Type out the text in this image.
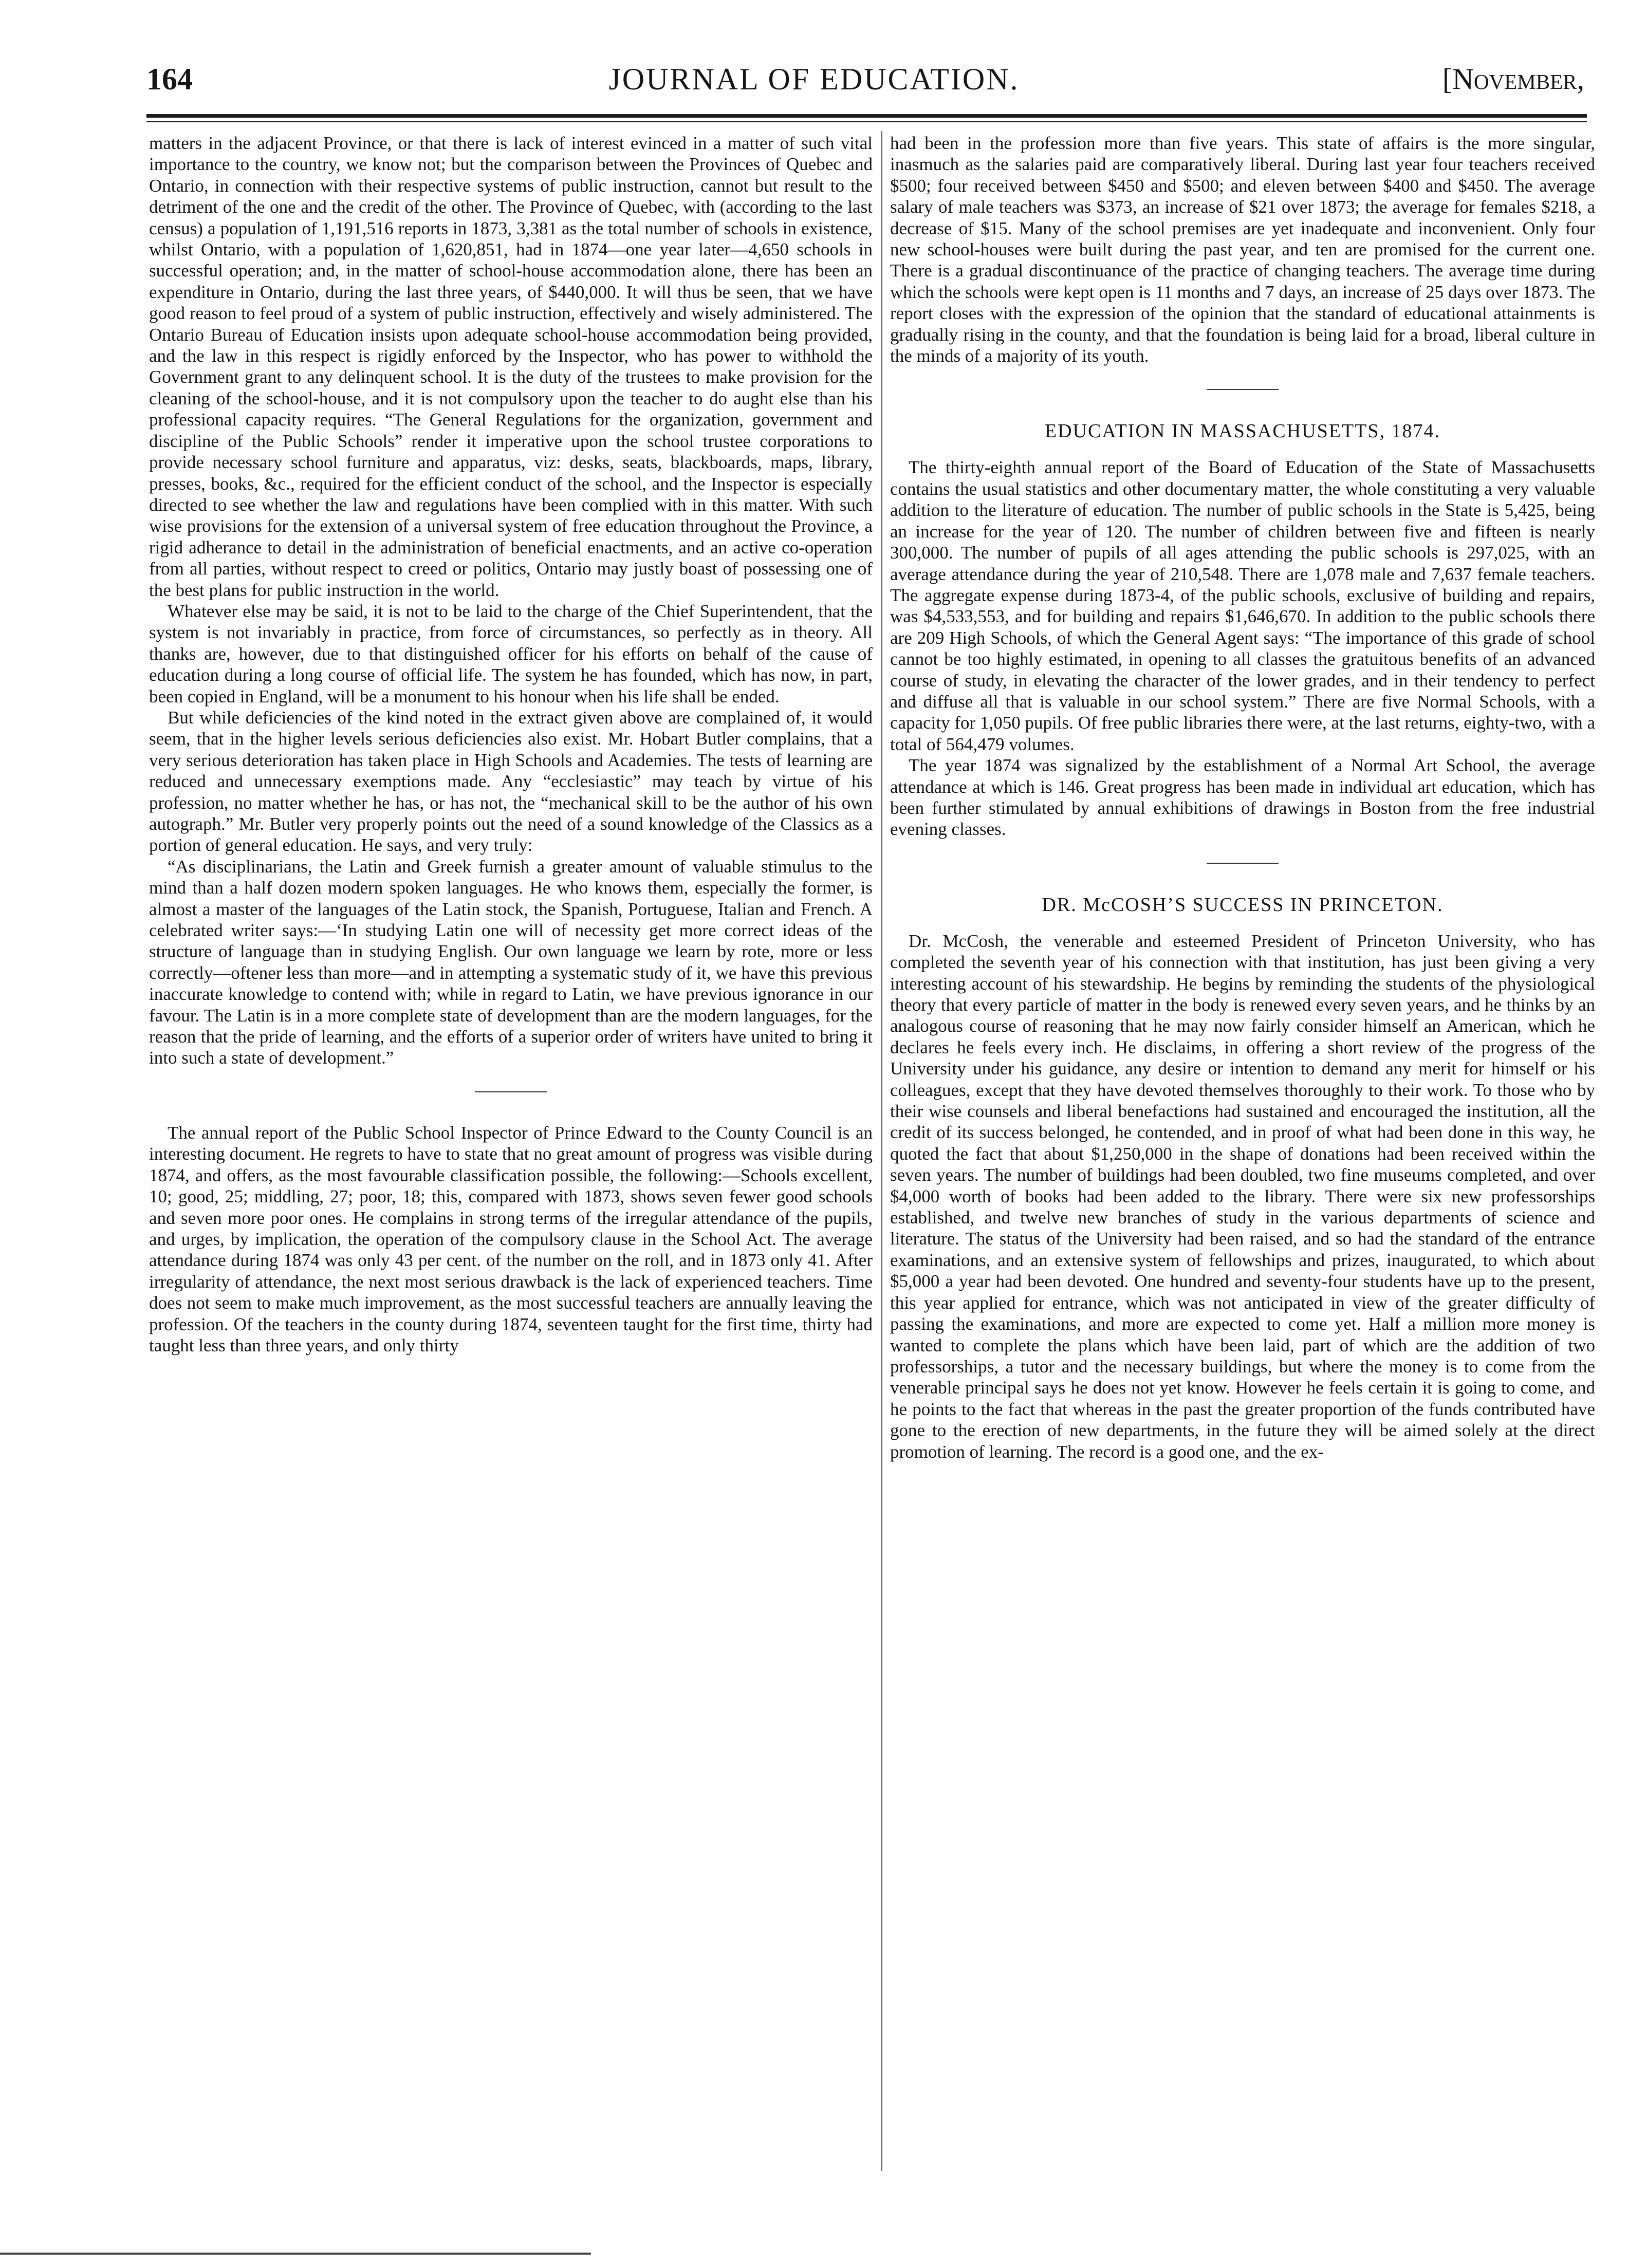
164	JOURNAL OF EDUCATION.	[November,

matters in the adjacent Province, or that there is lack of interest evinced in a matter of such vital importance to the country, we know not; but the comparison between the Provinces of Quebec and Ontario, in connection with their respective systems of public instruction, cannot but result to the detriment of the one and the credit of the other. The Province of Quebec, with (according to the last census) a population of 1,191,516 reports in 1873, 3,381 as the total number of schools in existence, whilst Ontario, with a population of 1,620,851, had in 1874—one year later—4,650 schools in successful operation; and, in the matter of school-house accommodation alone, there has been an expenditure in Ontario, during the last three years, of $440,000. It will thus be seen, that we have good reason to feel proud of a system of public instruction, effectively and wisely administered. The Ontario Bureau of Education insists upon adequate school-house accommodation being provided, and the law in this respect is rigidly enforced by the Inspector, who has power to withhold the Government grant to any delinquent school. It is the duty of the trustees to make provision for the cleaning of the school-house, and it is not compulsory upon the teacher to do aught else than his professional capacity requires. “The General Regulations for the organization, government and discipline of the Public Schools” render it imperative upon the school trustee corporations to provide necessary school furniture and apparatus, viz: desks, seats, blackboards, maps, library, presses, books, &c., required for the efficient conduct of the school, and the Inspector is especially directed to see whether the law and regulations have been complied with in this matter. With such wise provisions for the extension of a universal system of free education throughout the Province, a rigid adherance to detail in the administration of beneficial enactments, and an active co-operation from all parties, without respect to creed or politics, Ontario may justly boast of possessing one of the best plans for public instruction in the world.

Whatever else may be said, it is not to be laid to the charge of the Chief Superintendent, that the system is not invariably in practice, from force of circumstances, so perfectly as in theory. All thanks are, however, due to that distinguished officer for his efforts on behalf of the cause of education during a long course of official life. The system he has founded, which has now, in part, been copied in England, will be a monument to his honour when his life shall be ended.

But while deficiencies of the kind noted in the extract given above are complained of, it would seem, that in the higher levels serious deficiencies also exist. Mr. Hobart Butler complains, that a very serious deterioration has taken place in High Schools and Academies. The tests of learning are reduced and unnecessary exemptions made. Any “ecclesiastic” may teach by virtue of his profession, no matter whether he has, or has not, the “mechanical skill to be the author of his own autograph.” Mr. Butler very properly points out the need of a sound knowledge of the Classics as a portion of general education. He says, and very truly:

“As disciplinarians, the Latin and Greek furnish a greater amount of valuable stimulus to the mind than a half dozen modern spoken languages. He who knows them, especially the former, is almost a master of the languages of the Latin stock, the Spanish, Portuguese, Italian and French. A celebrated writer says:—‘In studying Latin one will of necessity get more correct ideas of the structure of language than in studying English. Our own language we learn by rote, more or less correctly—oftener less than more—and in attempting a systematic study of it, we have this previous inaccurate knowledge to contend with; while in regard to Latin, we have previous ignorance in our favour. The Latin is in a more complete state of development than are the modern languages, for the reason that the pride of learning, and the efforts of a superior order of writers have united to bring it into such a state of development.”

The annual report of the Public School Inspector of Prince Edward to the County Council is an interesting document. He regrets to have to state that no great amount of progress was visible during 1874, and offers, as the most favourable classification possible, the following:—Schools excellent, 10; good, 25; middling, 27; poor, 18; this, compared with 1873, shows seven fewer good schools and seven more poor ones. He complains in strong terms of the irregular attendance of the pupils, and urges, by implication, the operation of the compulsory clause in the School Act. The average attendance during 1874 was only 43 per cent. of the number on the roll, and in 1873 only 41. After irregularity of attendance, the next most serious drawback is the lack of experienced teachers. Time does not seem to make much improvement, as the most successful teachers are annually leaving the profession. Of the teachers in the county during 1874, seventeen taught for the first time, thirty had taught less than three years, and only thirty

had been in the profession more than five years. This state of affairs is the more singular, inasmuch as the salaries paid are comparatively liberal. During last year four teachers received $500; four received between $450 and $500; and eleven between $400 and $450. The average salary of male teachers was $373, an increase of $21 over 1873; the average for females $218, a decrease of $15. Many of the school premises are yet inadequate and inconvenient. Only four new school-houses were built during the past year, and ten are promised for the current one. There is a gradual discontinuance of the practice of changing teachers. The average time during which the schools were kept open is 11 months and 7 days, an increase of 25 days over 1873. The report closes with the expression of the opinion that the standard of educational attainments is gradually rising in the county, and that the foundation is being laid for a broad, liberal culture in the minds of a majority of its youth.

EDUCATION IN MASSACHUSETTS, 1874.

The thirty-eighth annual report of the Board of Education of the State of Massachusetts contains the usual statistics and other documentary matter, the whole constituting a very valuable addition to the literature of education. The number of public schools in the State is 5,425, being an increase for the year of 120. The number of children between five and fifteen is nearly 300,000. The number of pupils of all ages attending the public schools is 297,025, with an average attendance during the year of 210,548. There are 1,078 male and 7,637 female teachers. The aggregate expense during 1873-4, of the public schools, exclusive of building and repairs, was $4,533,553, and for building and repairs $1,646,670. In addition to the public schools there are 209 High Schools, of which the General Agent says: “The importance of this grade of school cannot be too highly estimated, in opening to all classes the gratuitous benefits of an advanced course of study, in elevating the character of the lower grades, and in their tendency to perfect and diffuse all that is valuable in our school system.” There are five Normal Schools, with a capacity for 1,050 pupils. Of free public libraries there were, at the last returns, eighty-two, with a total of 564,479 volumes.

The year 1874 was signalized by the establishment of a Normal Art School, the average attendance at which is 146. Great progress has been made in individual art education, which has been further stimulated by annual exhibitions of drawings in Boston from the free industrial evening classes.

DR. McCOSH’S SUCCESS IN PRINCETON.

Dr. McCosh, the venerable and esteemed President of Princeton University, who has completed the seventh year of his connection with that institution, has just been giving a very interesting account of his stewardship. He begins by reminding the students of the physiological theory that every particle of matter in the body is renewed every seven years, and he thinks by an analogous course of reasoning that he may now fairly consider himself an American, which he declares he feels every inch. He disclaims, in offering a short review of the progress of the University under his guidance, any desire or intention to demand any merit for himself or his colleagues, except that they have devoted themselves thoroughly to their work. To those who by their wise counsels and liberal benefactions had sustained and encouraged the institution, all the credit of its success belonged, he contended, and in proof of what had been done in this way, he quoted the fact that about $1,250,000 in the shape of donations had been received within the seven years. The number of buildings had been doubled, two fine museums completed, and over $4,000 worth of books had been added to the library. There were six new professorships established, and twelve new branches of study in the various departments of science and literature. The status of the University had been raised, and so had the standard of the entrance examinations, and an extensive system of fellowships and prizes, inaugurated, to which about $5,000 a year had been devoted. One hundred and seventy-four students have up to the present, this year applied for entrance, which was not anticipated in view of the greater difficulty of passing the examinations, and more are expected to come yet. Half a million more money is wanted to complete the plans which have been laid, part of which are the addition of two professorships, a tutor and the necessary buildings, but where the money is to come from the venerable principal says he does not yet know. However he feels certain it is going to come, and he points to the fact that whereas in the past the greater proportion of the funds contributed have gone to the erection of new departments, in the future they will be aimed solely at the direct promotion of learning. The record is a good one, and the ex-
